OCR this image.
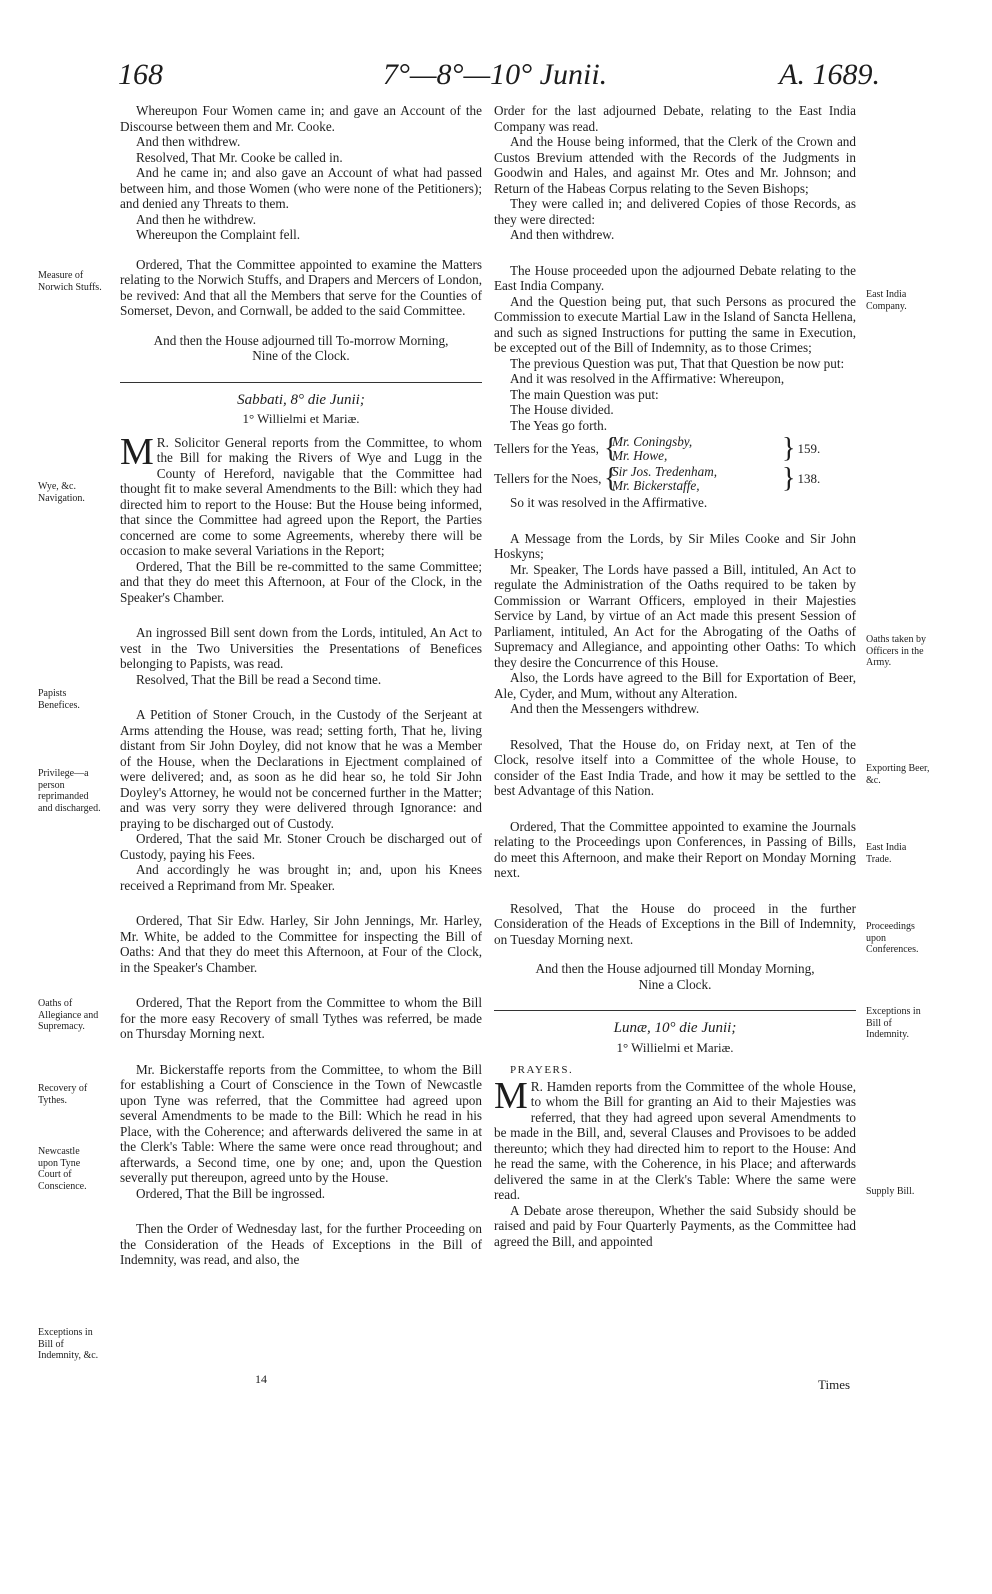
168	7°—8°—10° Junii.	A. 1689.

Whereupon Four Women came in; and gave an Account of the Discourse between them and Mr. Cooke.

And then withdrew.

Resolved, That Mr. Cooke be called in.

And he came in; and also gave an Account of what had passed between him, and those Women (who were none of the Petitioners); and denied any Threats to them.

And then he withdrew.

Whereupon the Complaint fell.

Ordered, That the Committee appointed to examine the Matters relating to the Norwich Stuffs, and Drapers and Mercers of London, be revived: And that all the Members that serve for the Counties of Somerset, Devon, and Cornwall, be added to the said Committee.

And then the House adjourned till To-morrow Morning, Nine of the Clock.

Sabbati, 8° die Junii;
1° Willielmi et Mariæ.

M R. Solicitor General reports from the Committee, to whom the Bill for making the Rivers of Wye and Lugg in the County of Hereford, navigable that the Committee had thought fit to make several Amendments to the Bill: which they had directed him to report to the House: But the House being informed, that since the Committee had agreed upon the Report, the Parties concerned are come to some Agreements, whereby there will be occasion to make several Variations in the Report;

Ordered, That the Bill be re-committed to the same Committee; and that they do meet this Afternoon, at Four of the Clock, in the Speaker's Chamber.

An ingrossed Bill sent down from the Lords, intituled, An Act to vest in the Two Universities the Presentations of Benefices belonging to Papists, was read.

Resolved, That the Bill be read a Second time.

A Petition of Stoner Crouch, in the Custody of the Serjeant at Arms attending the House, was read; setting forth, That he, living distant from Sir John Doyley, did not know that he was a Member of the House, when the Declarations in Ejectment complained of were delivered; and, as soon as he did hear so, he told Sir John Doyley's Attorney, he would not be concerned further in the Matter; and was very sorry they were delivered through Ignorance: and praying to be discharged out of Custody.

Ordered, That the said Mr. Stoner Crouch be discharged out of Custody, paying his Fees.

And accordingly he was brought in; and, upon his Knees received a Reprimand from Mr. Speaker.

Ordered, That Sir Edw. Harley, Sir John Jennings, Mr. Harley, Mr. White, be added to the Committee for inspecting the Bill of Oaths: And that they do meet this Afternoon, at Four of the Clock, in the Speaker's Chamber.

Ordered, That the Report from the Committee to whom the Bill for the more easy Recovery of small Tythes was referred, be made on Thursday Morning next.

Mr. Bickerstaffe reports from the Committee, to whom the Bill for establishing a Court of Conscience in the Town of Newcastle upon Tyne was referred, that the Committee had agreed upon several Amendments to be made to the Bill: Which he read in his Place, with the Coherence; and afterwards delivered the same in at the Clerk's Table: Where the same were once read throughout; and afterwards, a Second time, one by one; and, upon the Question severally put thereupon, agreed unto by the House.

Ordered, That the Bill be ingrossed.

Then the Order of Wednesday last, for the further Proceeding on the Consideration of the Heads of Exceptions in the Bill of Indemnity, was read, and also, the

Order for the last adjourned Debate, relating to the East India Company was read.

And the House being informed, that the Clerk of the Crown and Custos Brevium attended with the Records of the Judgments in Goodwin and Hales, and against Mr. Otes and Mr. Johnson; and Return of the Habeas Corpus relating to the Seven Bishops;

They were called in; and delivered Copies of those Records, as they were directed:

And then withdrew.

The House proceeded upon the adjourned Debate relating to the East India Company.

And the Question being put, that such Persons as procured the Commission to execute Martial Law in the Island of Sancta Hellena, and such as signed Instructions for putting the same in Execution, be excepted out of the Bill of Indemnity, as to those Crimes;

The previous Question was put, That that Question be now put:

And it was resolved in the Affirmative: Whereupon,

The main Question was put:

The House divided.

The Yeas go forth.

Tellers for the Yeas, {
Mr. Coningsby,
Mr. Howe,	} 159.
Tellers for the Noes, {
Sir Jos. Tredenham,
Mr. Bickerstaffe,	} 138.

So it was resolved in the Affirmative.

A Message from the Lords, by Sir Miles Cooke and Sir John Hoskyns;

Mr. Speaker, The Lords have passed a Bill, intituled, An Act to regulate the Administration of the Oaths required to be taken by Commission or Warrant Officers, employed in their Majesties Service by Land, by virtue of an Act made this present Session of Parliament, intituled, An Act for the Abrogating of the Oaths of Supremacy and Allegiance, and appointing other Oaths: To which they desire the Concurrence of this House.

Also, the Lords have agreed to the Bill for Exportation of Beer, Ale, Cyder, and Mum, without any Alteration.

And then the Messengers withdrew.

Resolved, That the House do, on Friday next, at Ten of the Clock, resolve itself into a Committee of the whole House, to consider of the East India Trade, and how it may be settled to the best Advantage of this Nation.

Ordered, That the Committee appointed to examine the Journals relating to the Proceedings upon Conferences, in Passing of Bills, do meet this Afternoon, and make their Report on Monday Morning next.

Resolved, That the House do proceed in the further Consideration of the Heads of Exceptions in the Bill of Indemnity, on Tuesday Morning next.

And then the House adjourned till Monday Morning, Nine a Clock.

Lunæ, 10° die Junii;
1° Willielmi et Mariæ.

PRAYERS.

M R. Hamden reports from the Committee of the whole House, to whom the Bill for granting an Aid to their Majesties was referred, that they had agreed upon several Amendments to be made in the Bill, and, several Clauses and Provisoes to be added thereunto; which they had directed him to report to the House: And he read the same, with the Coherence, in his Place; and afterwards delivered the same in at the Clerk's Table: Where the same were read.

A Debate arose thereupon, Whether the said Subsidy should be raised and paid by Four Quarterly Payments, as the Committee had agreed the Bill, and appointed

Measure of Norwich Stuffs.
Wye, &c. Navigation.
Papists Benefices.
Privilege—a person reprimanded and discharged.
Oaths of Allegiance and Supremacy.
Recovery of Tythes.
Newcastle upon Tyne Court of Conscience.
Exceptions in Bill of Indemnity, &c.
East India Company.
Oaths taken by Officers in the Army.
Exporting Beer, &c.
East India Trade.
Proceedings upon Conferences.
Exceptions in Bill of Indemnity.
Supply Bill.
14	Times
